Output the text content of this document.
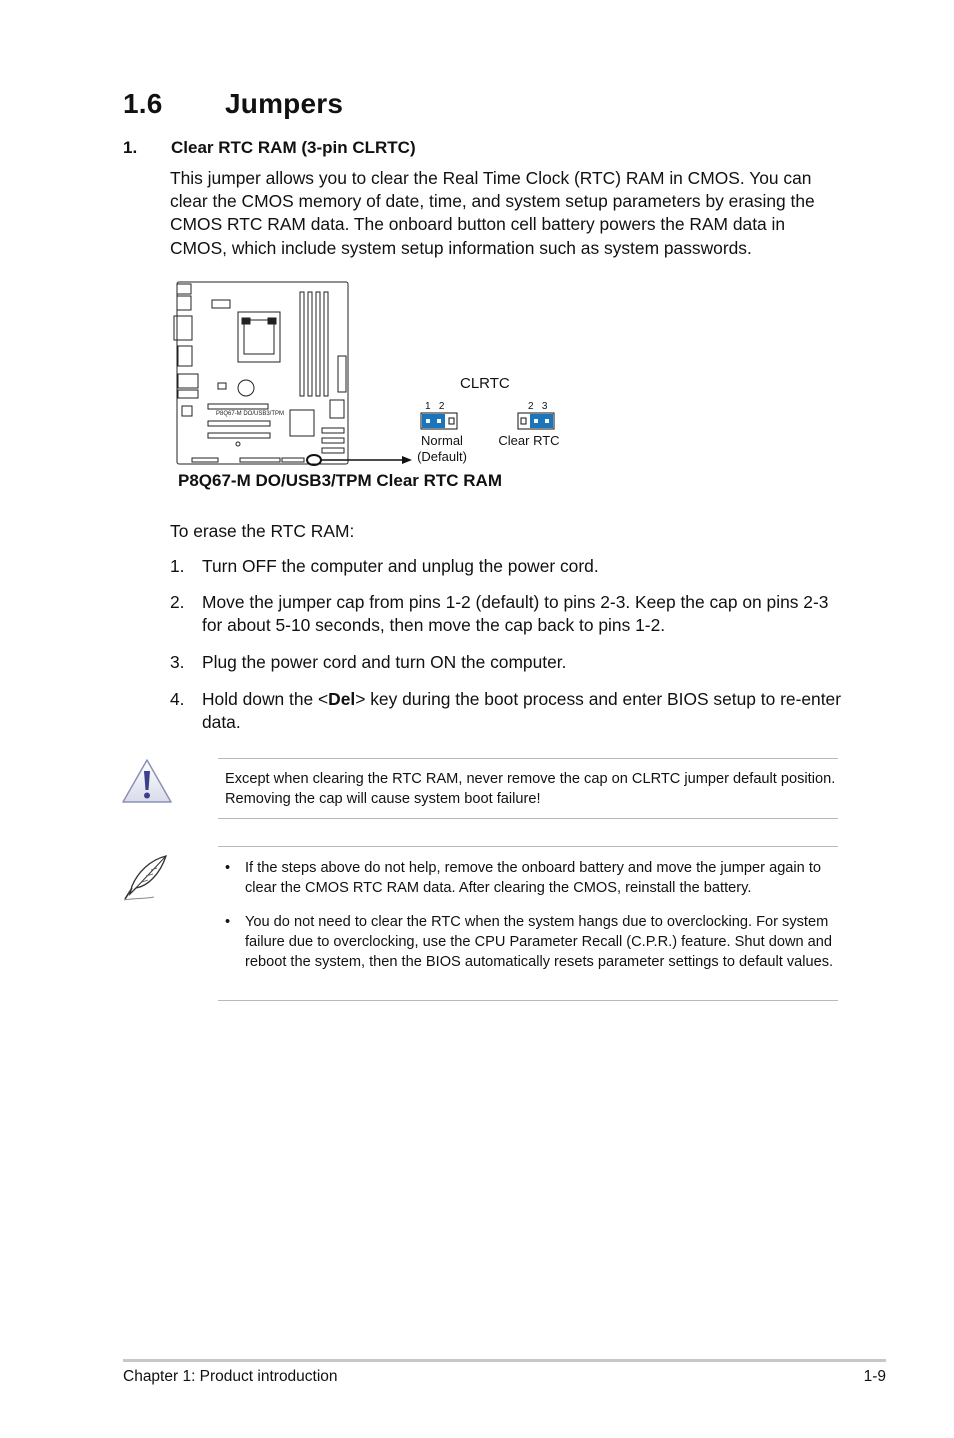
1.6 Jumpers
1. Clear RTC RAM (3-pin CLRTC)

This jumper allows you to clear the Real Time Clock (RTC) RAM in CMOS. You can clear the CMOS memory of date, time, and system setup parameters by erasing the CMOS RTC RAM data. The onboard button cell battery powers the RAM data in CMOS, which include system setup information such as system passwords.

P8Q67-M DO/USB3/TPM
CLRTC
1   2	2   3
Normal
(Default)
Clear RTC
P8Q67-M DO/USB3/TPM Clear RTC RAM
To erase the RTC RAM:
1.	Turn OFF the computer and unplug the power cord.
2.	Move the jumper cap from pins 1-2 (default) to pins 2-3. Keep the cap on pins 2-3 for about 5-10 seconds, then move the cap back to pins 1-2.
3.	Plug the power cord and turn ON the computer.
4.	Hold down the <Del> key during the boot process and enter BIOS setup to re-enter data.
Except when clearing the RTC RAM, never remove the cap on CLRTC jumper default position. Removing the cap will cause system boot failure!
• If the steps above do not help, remove the onboard battery and move the jumper again to clear the CMOS RTC RAM data. After clearing the CMOS, reinstall the battery.
• You do not need to clear the RTC when the system hangs due to overclocking. For system failure due to overclocking, use the CPU Parameter Recall (C.P.R.) feature. Shut down and reboot the system, then the BIOS automatically resets parameter settings to default values.
Chapter 1: Product introduction	1-9
